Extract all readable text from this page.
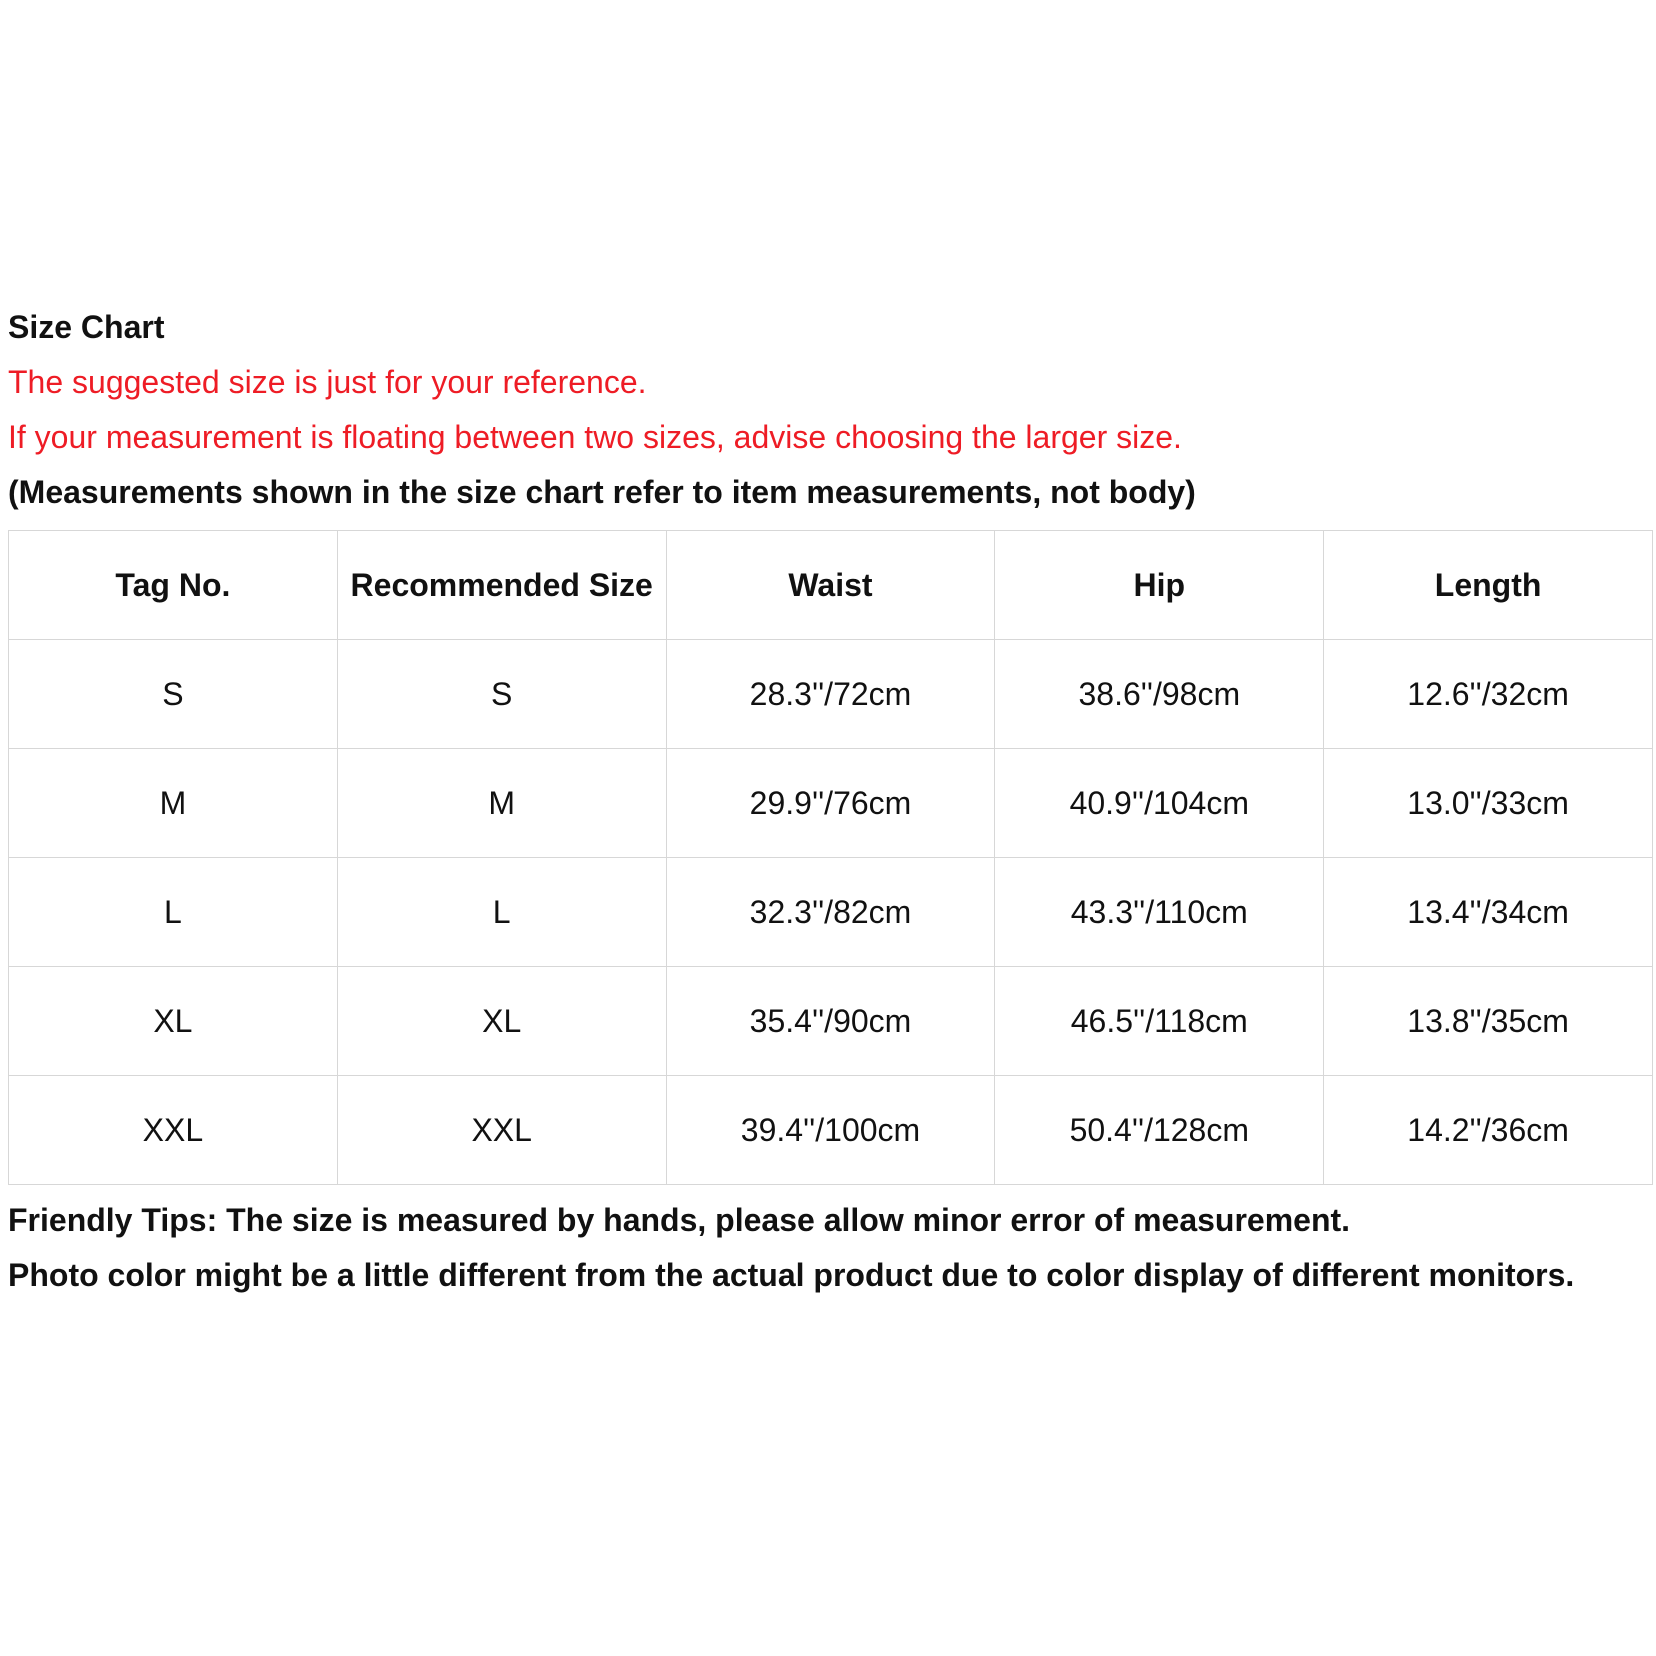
Size Chart
The suggested size is just for your reference.
If your measurement is floating between two sizes, advise choosing the larger size.
(Measurements shown in the size chart refer to item measurements, not body)
Tag No.	Recommended Size	Waist	Hip	Length
S	S	28.3''/72cm	38.6''/98cm	12.6''/32cm
M	M	29.9''/76cm	40.9''/104cm	13.0''/33cm
L	L	32.3''/82cm	43.3''/110cm	13.4''/34cm
XL	XL	35.4''/90cm	46.5''/118cm	13.8''/35cm
XXL	XXL	39.4''/100cm	50.4''/128cm	14.2''/36cm
Friendly Tips: The size is measured by hands, please allow minor error of measurement.
Photo color might be a little different from the actual product due to color display of different monitors.
